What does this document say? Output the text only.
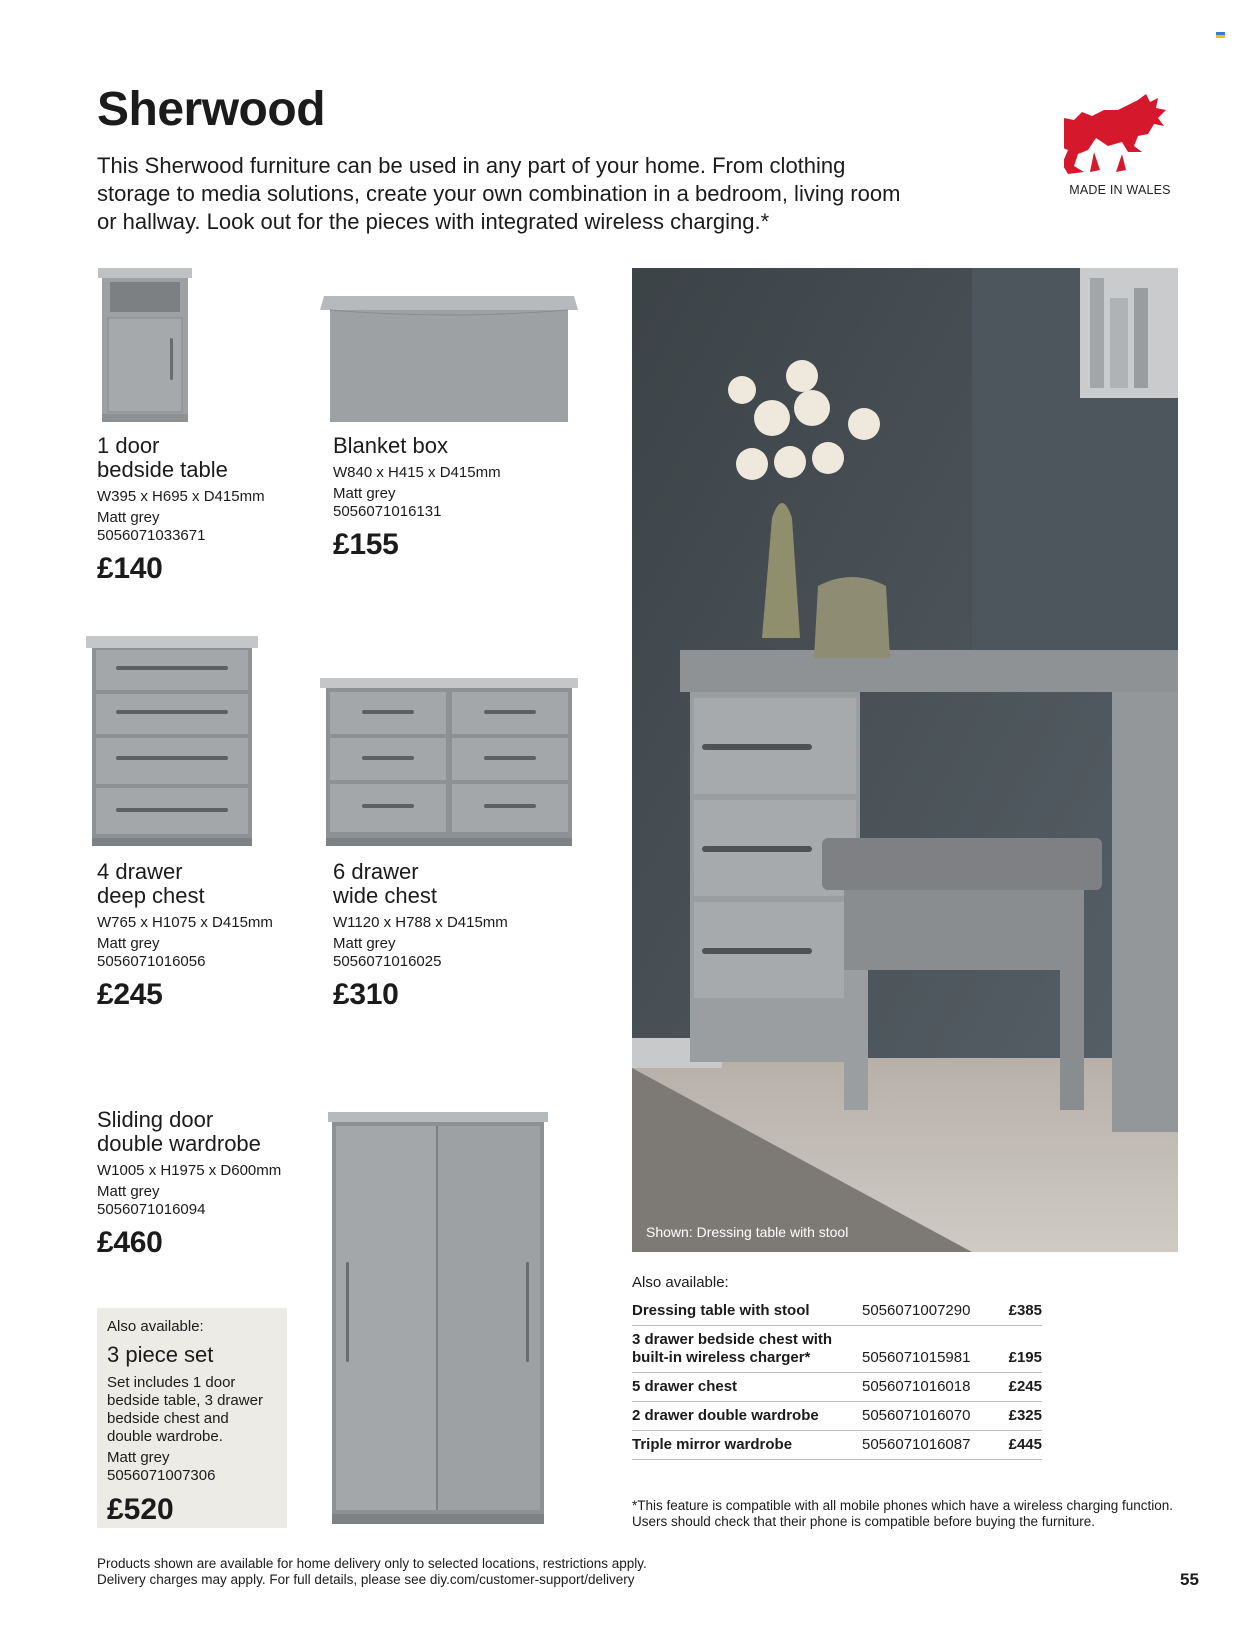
Sherwood

This Sherwood furniture can be used in any part of your home. From clothing storage to media solutions, create your own combination in a bedroom, living room or hallway. Look out for the pieces with integrated wireless charging.*

MADE IN WALES
1 door
bedside table
W395 x H695 x D415mm
Matt grey
5056071033671
£140
Blanket box
W840 x H415 x D415mm
Matt grey
5056071016131
£155
4 drawer
deep chest
W765 x H1075 x D415mm
Matt grey
5056071016056
£245
6 drawer
wide chest
W1120 x H788 x D415mm
Matt grey
5056071016025
£310
Sliding door
double wardrobe
W1005 x H1975 x D600mm
Matt grey
5056071016094
£460
Also available:
3 piece set
Set includes 1 door
bedside table, 3 drawer
bedside chest and
double wardrobe.
Matt grey
5056071007306
£520
Shown: Dressing table with stool
Also available:
Dressing table with stool	5056071007290	£385

3 drawer bedside chest with
built-in wireless charger*	5056071015981	£195
5 drawer chest	5056071016018	£245
2 drawer double wardrobe	5056071016070	£325
Triple mirror wardrobe	5056071016087	£445

*This feature is compatible with all mobile phones which have a wireless charging function. Users should check that their phone is compatible before buying the furniture.

Products shown are available for home delivery only to selected locations, restrictions apply.
Delivery charges may apply. For full details, please see diy.com/customer-support/delivery	55
